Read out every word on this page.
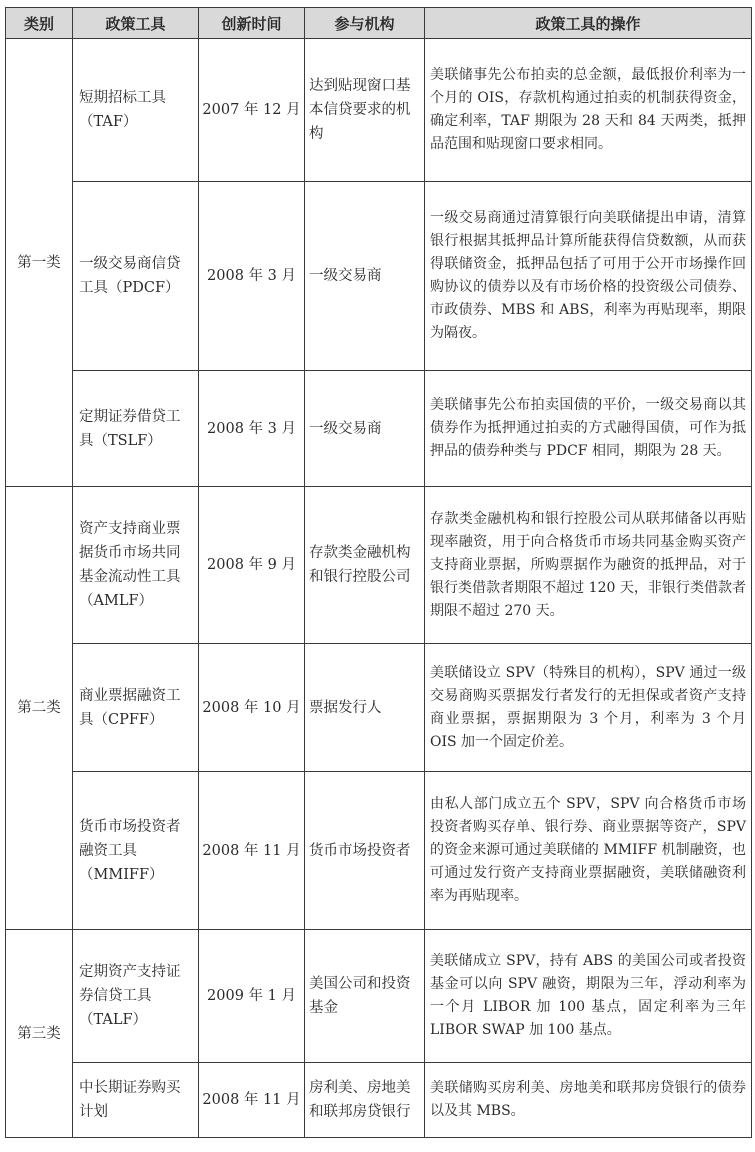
类别	政策工具	创新时间	参与机构	政策工具的操作
第一类	短期招标工具（TAF）	2007 年 12 月	达到贴现窗口基本信贷要求的机构	美联储事先公布拍卖的总金额，最低报价利率为一个月的 OIS，存款机构通过拍卖的机制获得资金，确定利率，TAF 期限为 28 天和 84 天两类，抵押品范围和贴现窗口要求相同。
	一级交易商信贷工具（PDCF）	2008 年 3 月	一级交易商	一级交易商通过清算银行向美联储提出申请，清算银行根据其抵押品计算所能获得信贷数额，从而获得联储资金，抵押品包括了可用于公开市场操作回购协议的债券以及有市场价格的投资级公司债券、市政债券、MBS 和 ABS，利率为再贴现率，期限为隔夜。
	定期证券借贷工具（TSLF）	2008 年 3 月	一级交易商	美联储事先公布拍卖国债的平价，一级交易商以其债券作为抵押通过拍卖的方式融得国债，可作为抵押品的债券种类与 PDCF 相同，期限为 28 天。
第二类	资产支持商业票据货币市场共同基金流动性工具（AMLF）	2008 年 9 月	存款类金融机构和银行控股公司	存款类金融机构和银行控股公司从联邦储备以再贴现率融资，用于向合格货币市场共同基金购买资产支持商业票据，所购票据作为融资的抵押品，对于银行类借款者期限不超过 120 天，非银行类借款者期限不超过 270 天。
	商业票据融资工具（CPFF）	2008 年 10 月	票据发行人	美联储设立 SPV（特殊目的机构），SPV 通过一级交易商购买票据发行者发行的无担保或者资产支持商业票据，票据期限为 3 个月，利率为 3 个月 OIS 加一个固定价差。
	货币市场投资者融资工具（MMIFF）	2008 年 11 月	货币市场投资者	由私人部门成立五个 SPV，SPV 向合格货币市场投资者购买存单、银行券、商业票据等资产，SPV 的资金来源可通过美联储的 MMIFF 机制融资，也可通过发行资产支持商业票据融资，美联储融资利率为再贴现率。
第三类	定期资产支持证券信贷工具（TALF）	2009 年 1 月	美国公司和投资基金	美联储成立 SPV，持有 ABS 的美国公司或者投资基金可以向 SPV 融资，期限为三年，浮动利率为一个月 LIBOR 加 100 基点，固定利率为三年 LIBOR SWAP 加 100 基点。
	中长期证券购买计划	2008 年 11 月	房利美、房地美和联邦房贷银行	美联储购买房利美、房地美和联邦房贷银行的债券以及其 MBS。
